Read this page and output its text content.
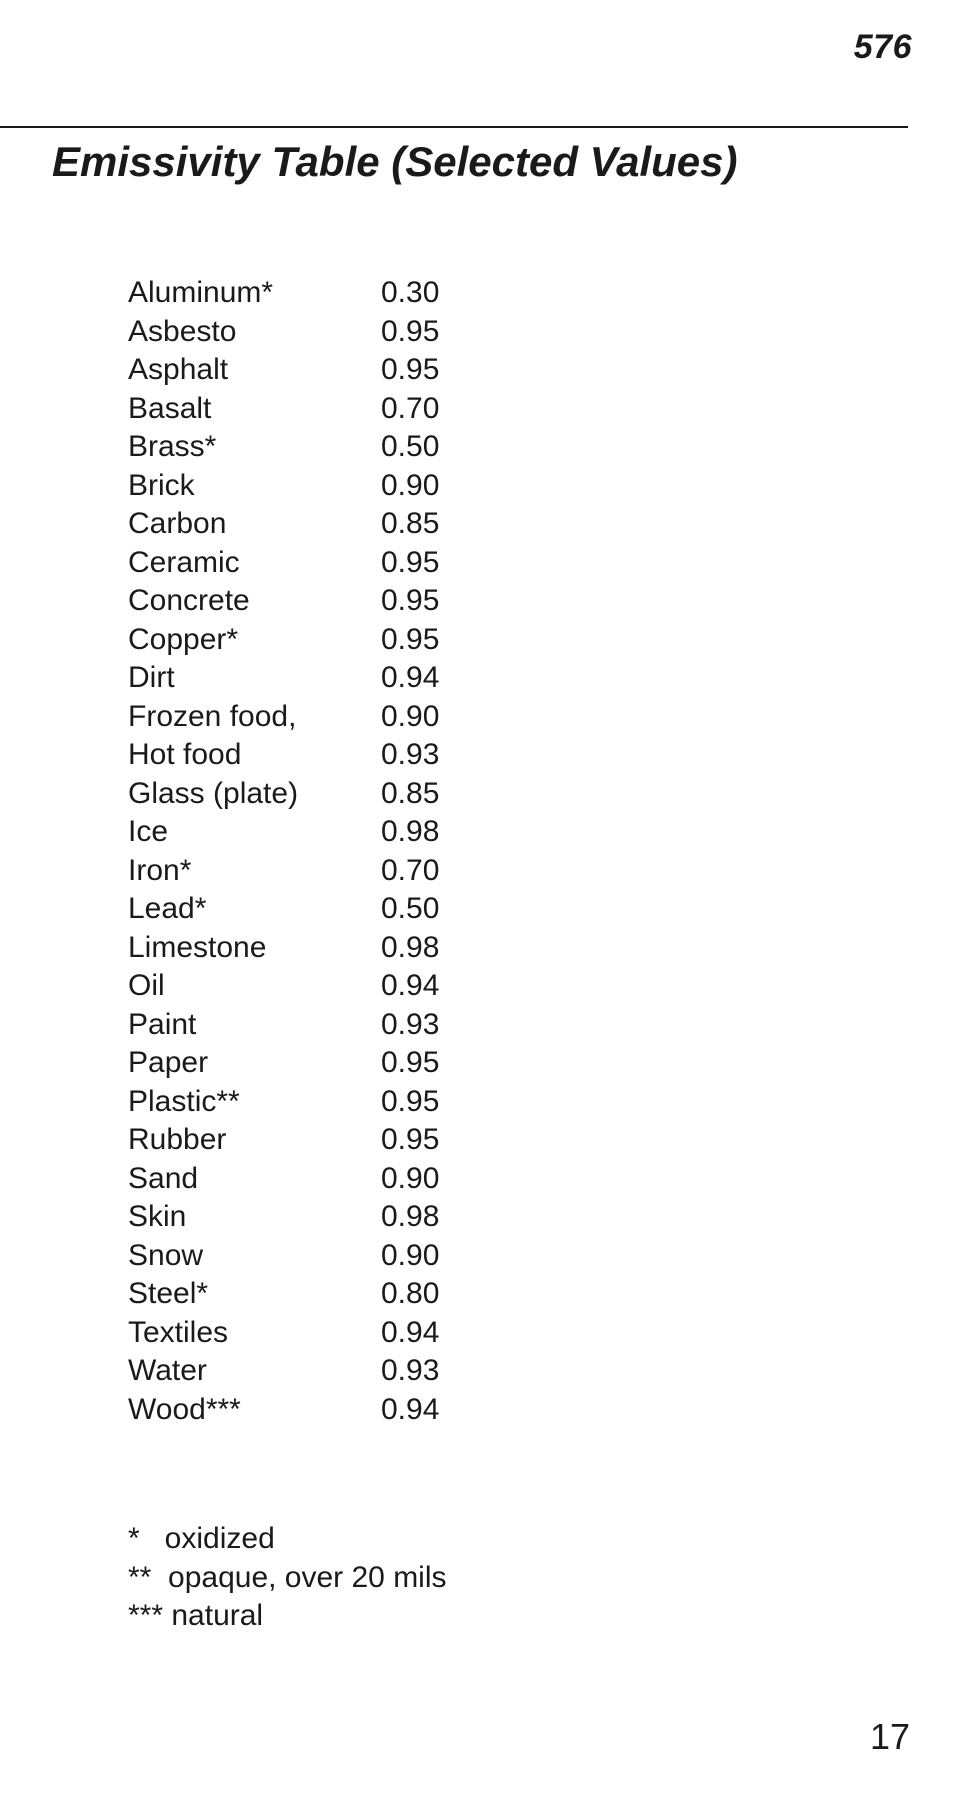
576
Emissivity Table (Selected Values)
Aluminum*	0.30
Asbesto	0.95
Asphalt	0.95
Basalt	0.70
Brass*	0.50
Brick	0.90
Carbon	0.85
Ceramic	0.95
Concrete	0.95
Copper*	0.95
Dirt	0.94
Frozen food,	0.90
Hot food	0.93
Glass (plate)	0.85
Ice	0.98
Iron*	0.70
Lead*	0.50
Limestone	0.98
Oil	0.94
Paint	0.93
Paper	0.95
Plastic**	0.95
Rubber	0.95
Sand	0.90
Skin	0.98
Snow	0.90
Steel*	0.80
Textiles	0.94
Water	0.93
Wood***	0.94
*   oxidized
**  opaque, over 20 mils
*** natural
17
